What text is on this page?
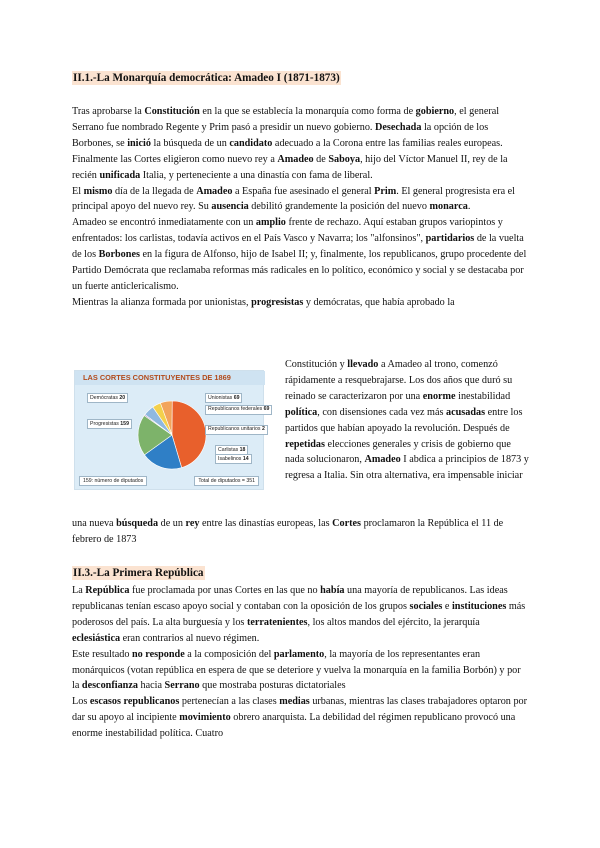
II.1.-La Monarquía democrática: Amadeo I (1871-1873)

Tras aprobarse la Constitución en la que se establecía la monarquía como forma de gobierno, el general Serrano fue nombrado Regente y Prim pasó a presidir un nuevo gobierno. Desechada la opción de los Borbones, se inició la búsqueda de un candidato adecuado a la Corona entre las familias reales europeas. Finalmente las Cortes eligieron como nuevo rey a Amadeo de Saboya, hijo del Víctor Manuel II, rey de la recién unificada Italia, y perteneciente a una dinastía con fama de liberal.

El mismo día de la llegada de Amadeo a España fue asesinado el general Prim. El general progresista era el principal apoyo del nuevo rey. Su ausencia debilitó grandemente la posición del nuevo monarca.

Amadeo se encontró inmediatamente con un amplio frente de rechazo. Aquí estaban grupos variopintos y enfrentados: los carlistas, todavía activos en el País Vasco y Navarra; los "alfonsinos", partidarios de la vuelta de los Borbones en la figura de Alfonso, hijo de Isabel II; y, finalmente, los republicanos, grupo procedente del Partido Demócrata que reclamaba reformas más radicales en lo político, económico y social y se destacaba por un fuerte anticlericalismo.

Mientras la alianza formada por unionistas, progresistas y demócratas, que había aprobado la

LAS CORTES CONSTITUYENTES DE 1869
Demócratas 20
Progresistas 159
Unionistas 69
Republicanos federales 69
Republicanos unitarios 2
Carlistas 18
Isabelinos 14
159: número de diputados	Total de diputados = 351

Constitución y llevado a Amadeo al trono, comenzó rápidamente a resquebrajarse. Los dos años que duró su reinado se caracterizaron por una enorme inestabilidad política, con disensiones cada vez más acusadas entre los partidos que habían apoyado la revolución. Después de repetidas elecciones generales y crisis de gobierno que nada solucionaron, Amadeo I abdica a principios de 1873 y regresa a Italia. Sin otra alternativa, era impensable iniciar

una nueva búsqueda de un rey entre las dinastías europeas, las Cortes proclamaron la República el 11 de febrero de 1873

II.3.-La Primera República

La República fue proclamada por unas Cortes en las que no había una mayoría de republicanos. Las ideas republicanas tenían escaso apoyo social y contaban con la oposición de los grupos sociales e instituciones más poderosos del país. La alta burguesía y los terratenientes, los altos mandos del ejército, la jerarquía eclesiástica eran contrarios al nuevo régimen.

Este resultado no responde a la composición del parlamento, la mayoría de los representantes eran monárquicos (votan república en espera de que se deteriore y vuelva la monarquía en la familia Borbón) y por la desconfianza hacia Serrano que mostraba posturas dictatoriales

Los escasos republicanos pertenecían a las clases medias urbanas, mientras las clases trabajadores optaron por dar su apoyo al incipiente movimiento obrero anarquista. La debilidad del régimen republicano provocó una enorme inestabilidad política. Cuatro
